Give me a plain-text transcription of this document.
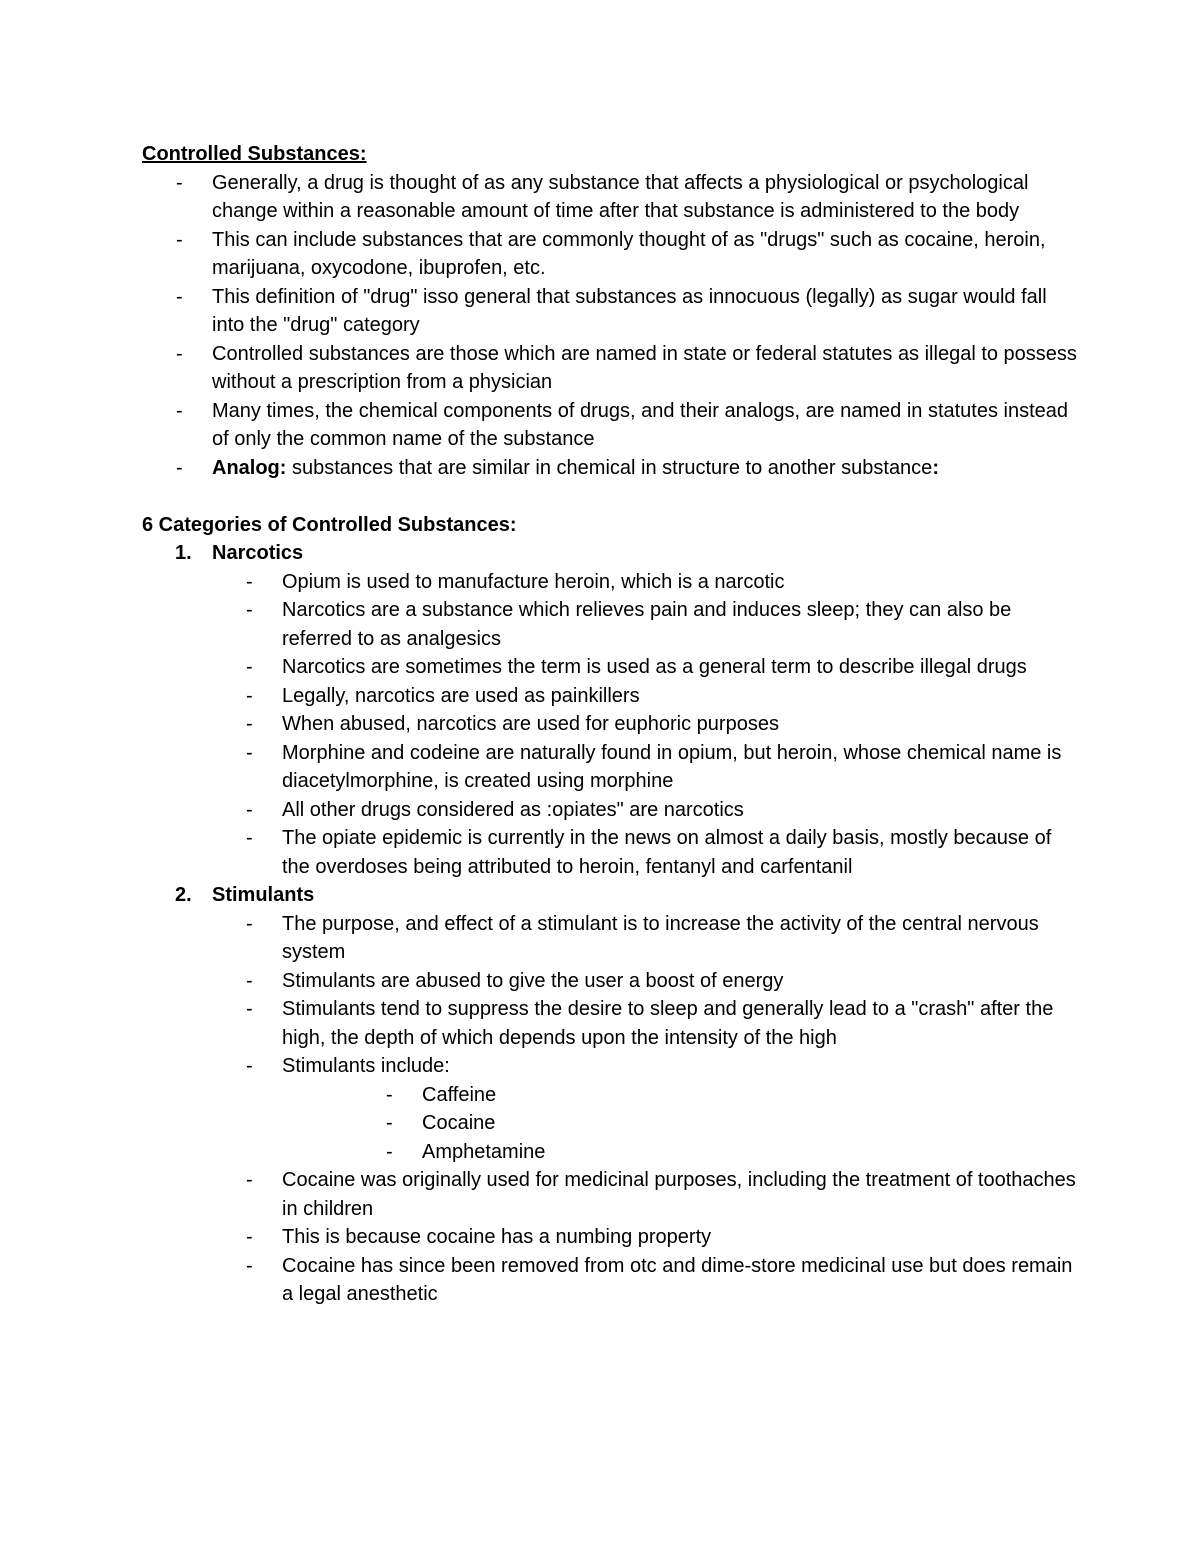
Controlled Substances:
- Generally, a drug is thought of as any substance that affects a physiological or psychological change within a reasonable amount of time after that substance is administered to the body
- This can include substances that are commonly thought of as "drugs" such as cocaine, heroin, marijuana, oxycodone, ibuprofen, etc.
- This definition of "drug" isso general that substances as innocuous (legally) as sugar would fall into the "drug" category
- Controlled substances are those which are named in state or federal statutes as illegal to possess without a prescription from a physician
- Many times, the chemical components of drugs, and their analogs, are named in statutes instead of only the common name of the substance
- Analog: substances that are similar in chemical in structure to another substance:
6 Categories of Controlled Substances:
1. Narcotics
- Opium is used to manufacture heroin, which is a narcotic
- Narcotics are a substance which relieves pain and induces sleep; they can also be referred to as analgesics
- Narcotics are sometimes the term is used as a general term to describe illegal drugs
- Legally, narcotics are used as painkillers
- When abused, narcotics are used for euphoric purposes
- Morphine and codeine are naturally found in opium, but heroin, whose chemical name is diacetylmorphine, is created using morphine
- All other drugs considered as :opiates" are narcotics
- The opiate epidemic is currently in the news on almost a daily basis, mostly because of the overdoses being attributed to heroin, fentanyl and carfentanil
2. Stimulants
- The purpose, and effect of a stimulant is to increase the activity of the central nervous system
- Stimulants are abused to give the user a boost of energy
- Stimulants tend to suppress the desire to sleep and generally lead to a "crash" after the high, the depth of which depends upon the intensity of the high
- Stimulants include:
- Caffeine
- Cocaine
- Amphetamine
- Cocaine was originally used for medicinal purposes, including the treatment of toothaches in children
- This is because cocaine has a numbing property
- Cocaine has since been removed from otc and dime-store medicinal use but does remain a legal anesthetic
